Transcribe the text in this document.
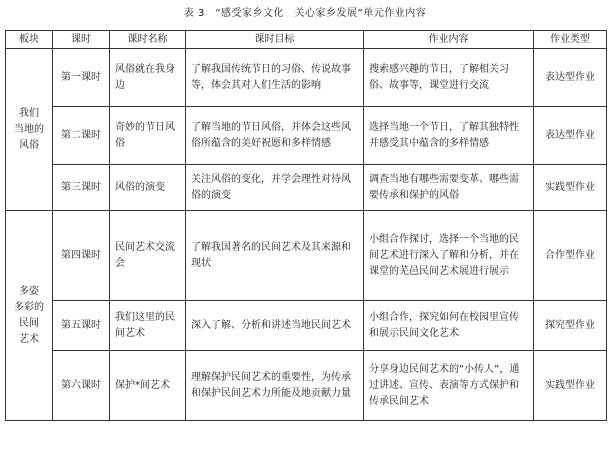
表 3　“感受家乡文化　关心家乡发展”单元作业内容
板块	课时	课时名称	课时目标	作业内容	作业类型

我们
当地的
风俗	第一课时	风俗就在我身边	了解我国传统节日的习俗、传说故事等，体会其对人们生活的影响	搜索感兴趣的节日，了解相关习俗、故事等，课堂进行交流	表达型作业
	第二课时	奇妙的节日风俗	了解当地的节日风俗，并体会这些风俗所蕴含的美好祝愿和多样情感	选择当地一个节日，了解其独特性并感受其中蕴含的多样情感	表达型作业
	第三课时	风俗的演变	关注风俗的变化，并学会理性对待风俗的演变	调查当地有哪些需要变革、哪些需要传承和保护的风俗	实践型作业

多姿
多彩的
民间
艺术	第四课时	民间艺术交流会	了解我国著名的民间艺术及其来源和现状	小组合作探讨，选择一个当地的民间艺术进行深入了解和分析，并在课堂的芜邑民间艺术展进行展示	合作型作业
	第五课时	我们这里的民间艺术	深入了解、分析和讲述当地民间艺术	小组合作，探究如何在校园里宣传和展示民间文化艺术	探究型作业
	第六课时	保护*间艺术	理解保护民间艺术的重要性，为传承和保护民间艺术力所能及地贡献力量	分享身边民间艺术的“小传人”，通过讲述、宣传、表演等方式保护和传承民间艺术	实践型作业
